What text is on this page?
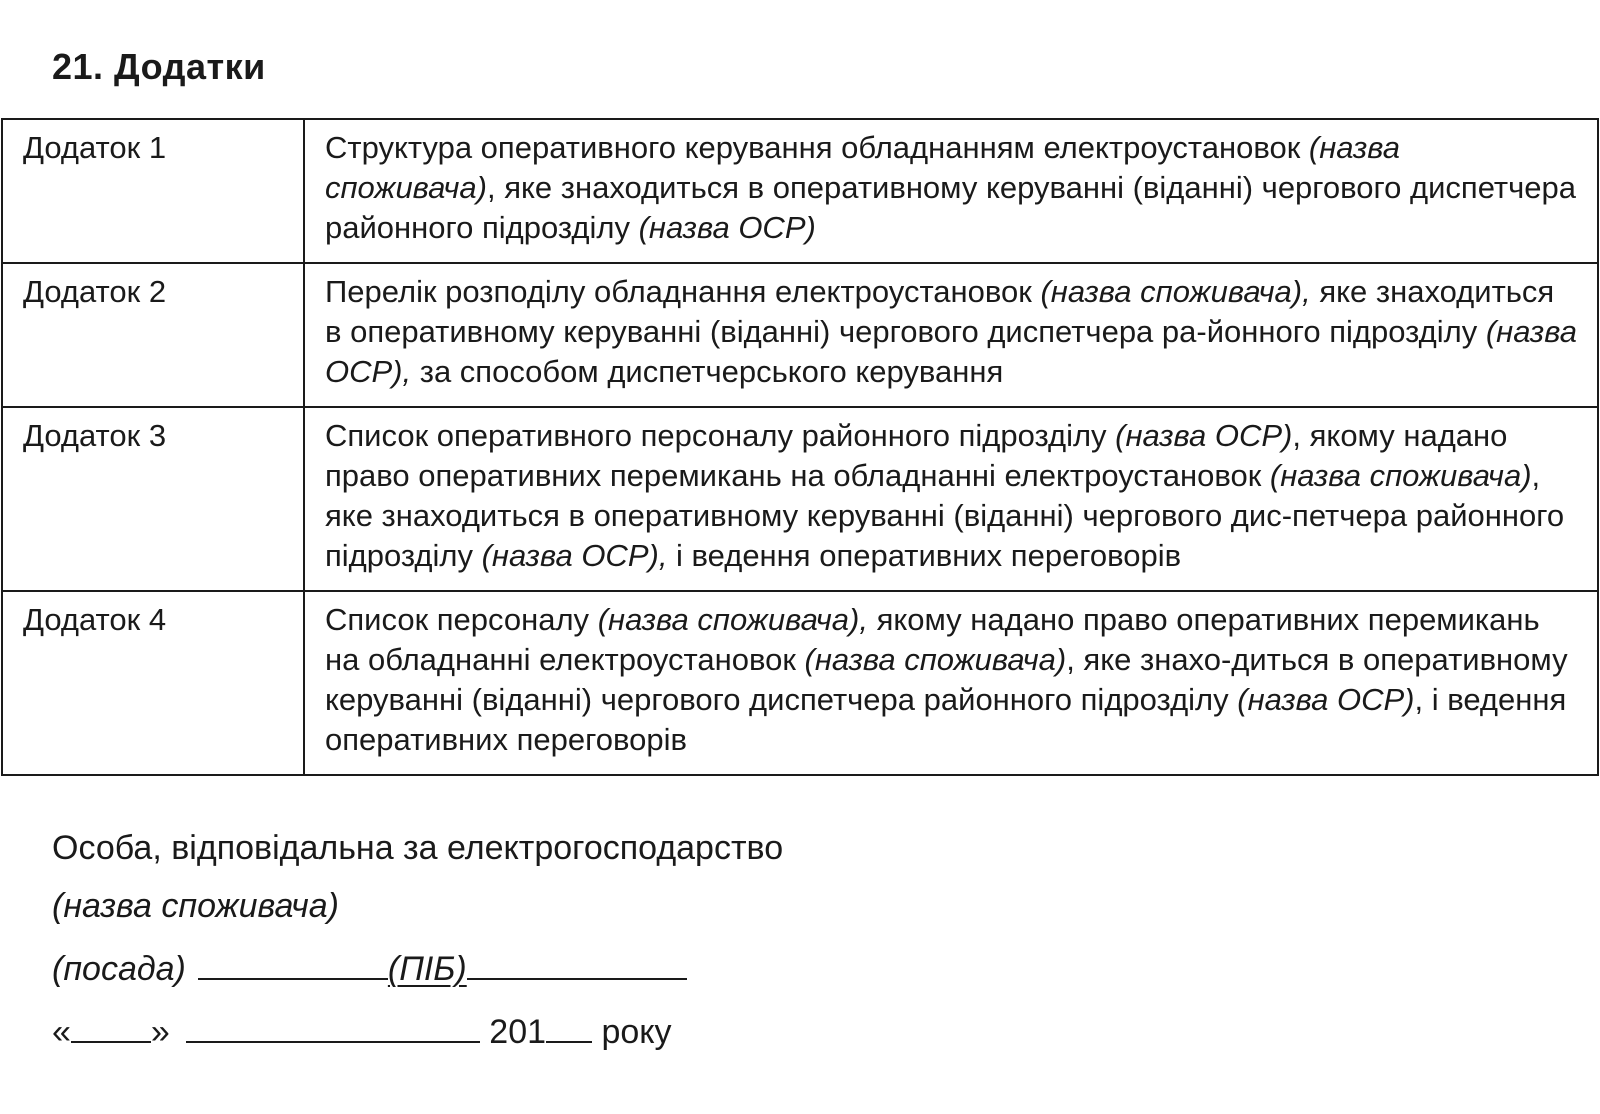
21. Додатки
Додаток 1	Структура оперативного керування обладнанням електроустановок (назва споживача), яке знаходиться в оперативному керуванні (віданні) чергового диспетчера районного підрозділу (назва ОСР)
Додаток 2	Перелік розподілу обладнання електроустановок (назва споживача), яке знаходиться в оперативному керуванні (віданні) чергового диспетчера ра-йонного підрозділу (назва ОСР), за способом диспетчерського керування
Додаток 3	Список оперативного персоналу районного підрозділу (назва ОСР), якому надано право оперативних перемикань на обладнанні електроустановок (назва споживача), яке знаходиться в оперативному керуванні (віданні) чергового дис-петчера районного підрозділу (назва ОСР), і ведення оперативних переговорів
Додаток 4	Список персоналу (назва споживача), якому надано право оперативних перемикань на обладнанні електроустановок (назва споживача), яке знахо-диться в оперативному керуванні (віданні) чергового диспетчера районного підрозділу (назва ОСР), і ведення оперативних переговорів

Особа, відповідальна за електрогосподарство

(назва споживача)

(посада)	(ПІБ)

« »	201 року
